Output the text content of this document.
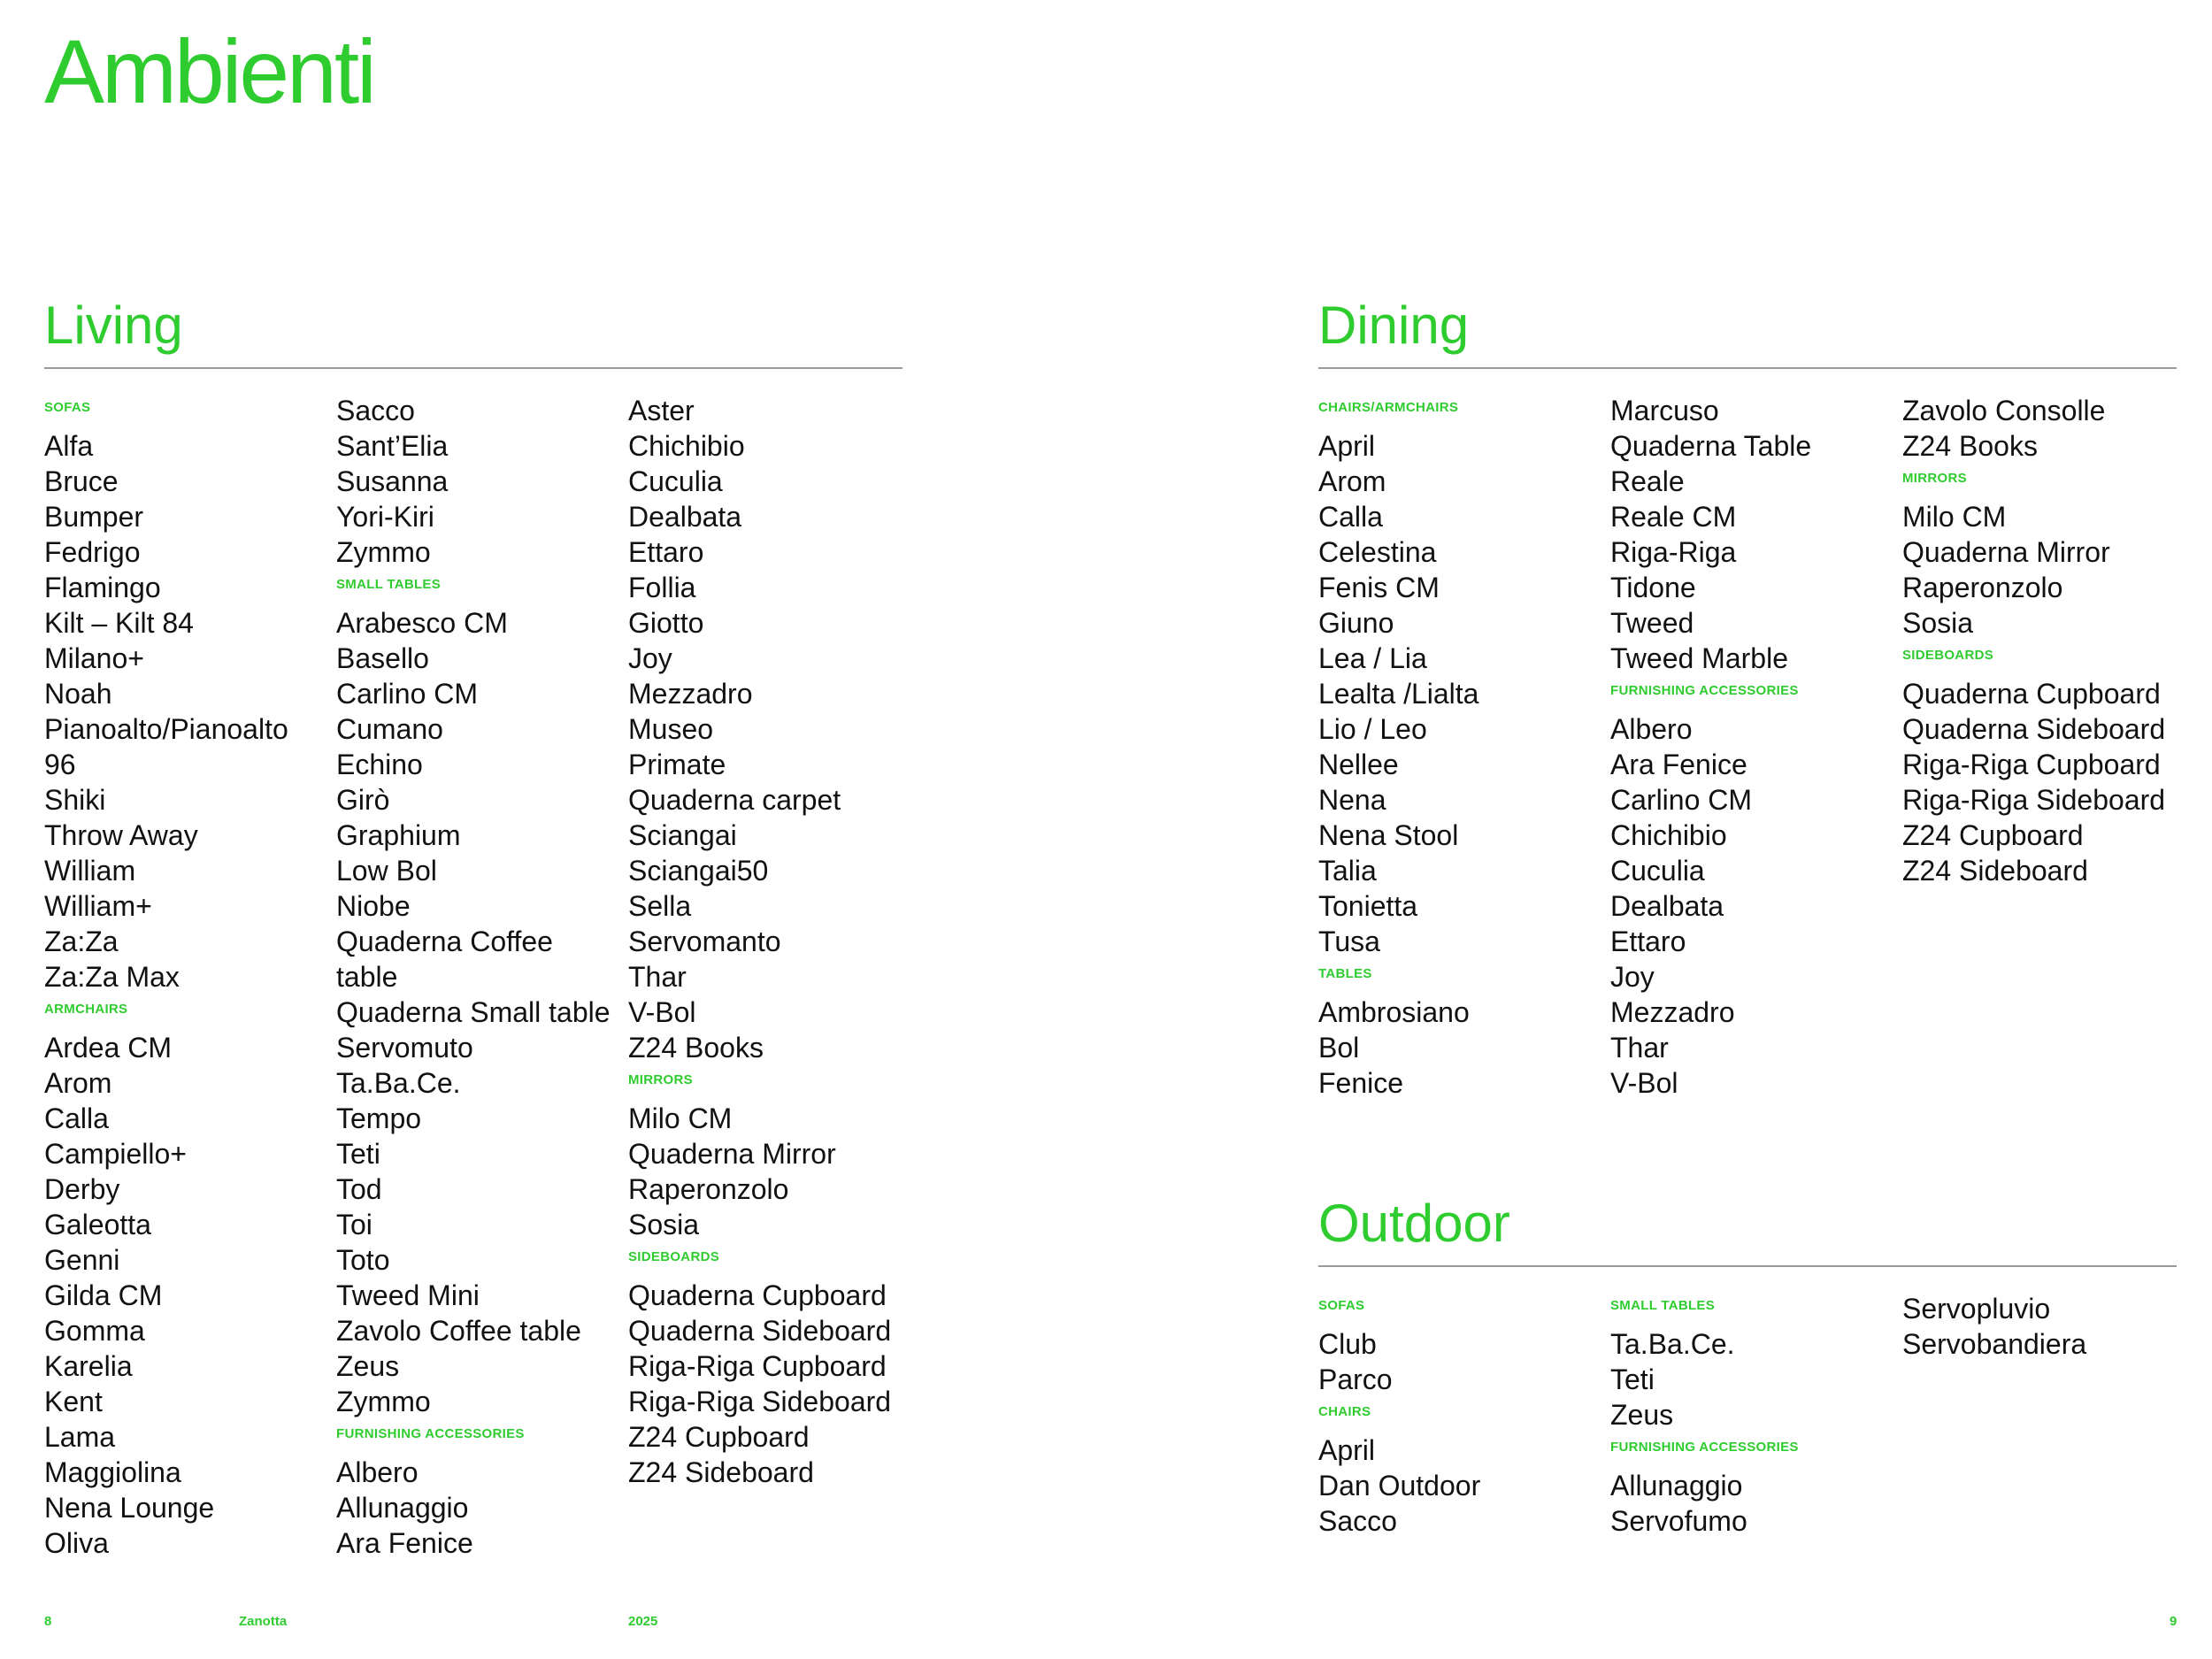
Ambienti
Living
SOFAS
Alfa
Bruce
Bumper
Fedrigo
Flamingo
Kilt – Kilt 84
Milano+
Noah
Pianoalto/Pianoalto
96
Shiki
Throw Away
William
William+
Za:Za
Za:Za Max
ARMCHAIRS
Ardea CM
Arom
Calla
Campiello+
Derby
Galeotta
Genni
Gilda CM
Gomma
Karelia
Kent
Lama
Maggiolina
Nena Lounge
Oliva
Sacco
Sant’Elia
Susanna
Yori-Kiri
Zymmo
SMALL TABLES
Arabesco CM
Basello
Carlino CM
Cumano
Echino
Girò
Graphium
Low Bol
Niobe
Quaderna Coffee
table
Quaderna Small table
Servomuto
Ta.Ba.Ce.
Tempo
Teti
Tod
Toi
Toto
Tweed Mini
Zavolo Coffee table
Zeus
Zymmo
FURNISHING ACCESSORIES
Albero
Allunaggio
Ara Fenice
Aster
Chichibio
Cuculia
Dealbata
Ettaro
Follia
Giotto
Joy
Mezzadro
Museo
Primate
Quaderna carpet
Sciangai
Sciangai50
Sella
Servomanto
Thar
V-Bol
Z24 Books
MIRRORS
Milo CM
Quaderna Mirror
Raperonzolo
Sosia
SIDEBOARDS
Quaderna Cupboard
Quaderna Sideboard
Riga-Riga Cupboard
Riga-Riga Sideboard
Z24 Cupboard
Z24 Sideboard
Dining
CHAIRS/ARMCHAIRS
April
Arom
Calla
Celestina
Fenis CM
Giuno
Lea / Lia
Lealta /Lialta
Lio / Leo
Nellee
Nena
Nena Stool
Talia
Tonietta
Tusa
TABLES
Ambrosiano
Bol
Fenice
Marcuso
Quaderna Table
Reale
Reale CM
Riga-Riga
Tidone
Tweed
Tweed Marble
FURNISHING ACCESSORIES
Albero
Ara Fenice
Carlino CM
Chichibio
Cuculia
Dealbata
Ettaro
Joy
Mezzadro
Thar
V-Bol
Zavolo Consolle
Z24 Books
MIRRORS
Milo CM
Quaderna Mirror
Raperonzolo
Sosia
SIDEBOARDS
Quaderna Cupboard
Quaderna Sideboard
Riga-Riga Cupboard
Riga-Riga Sideboard
Z24 Cupboard
Z24 Sideboard
Outdoor
SOFAS
Club
Parco
CHAIRS
April
Dan Outdoor
Sacco
SMALL TABLES
Ta.Ba.Ce.
Teti
Zeus
FURNISHING ACCESSORIES
Allunaggio
Servofumo
Servopluvio
Servobandiera
8	Zanotta	2025	9
